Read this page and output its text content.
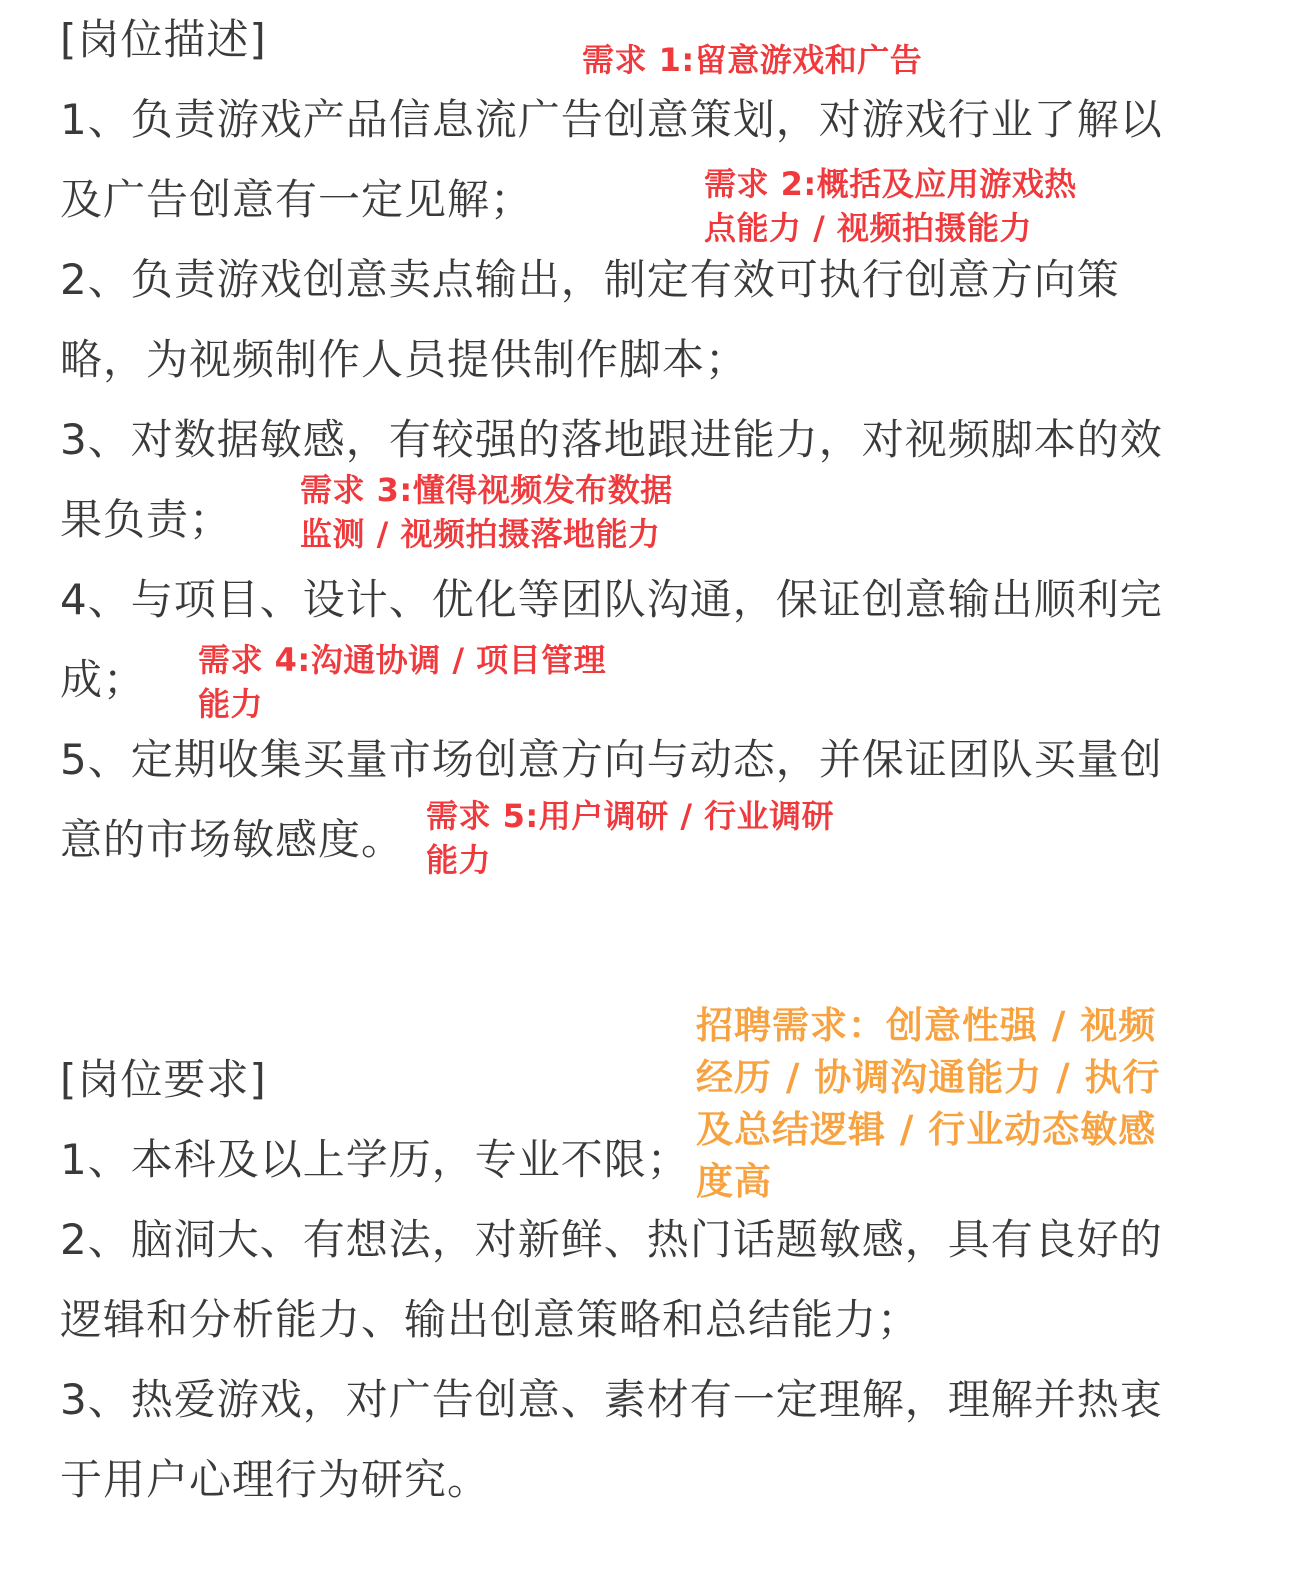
[岗位描述]
1、负责游戏产品信息流广告创意策划，对游戏行业了解以
及广告创意有一定见解；
2、负责游戏创意卖点输出，制定有效可执行创意方向策
略，为视频制作人员提供制作脚本；
3、对数据敏感，有较强的落地跟进能力，对视频脚本的效
果负责；
4、与项目、设计、优化等团队沟通，保证创意输出顺利完
成；
5、定期收集买量市场创意方向与动态，并保证团队买量创
意的市场敏感度。
[岗位要求]
1、本科及以上学历，专业不限；
2、脑洞大、有想法，对新鲜、热门话题敏感，具有良好的
逻辑和分析能力、输出创意策略和总结能力；
3、热爱游戏，对广告创意、素材有一定理解，理解并热衷
于用户心理行为研究。
需求 1:留意游戏和广告
需求 2:概括及应用游戏热
点能力 / 视频拍摄能力
需求 3:懂得视频发布数据
监测 / 视频拍摄落地能力
需求 4:沟通协调 / 项目管理
能力
需求 5:用户调研 / 行业调研
能力
招聘需求：创意性强 / 视频
经历 / 协调沟通能力 / 执行
及总结逻辑 / 行业动态敏感
度高
